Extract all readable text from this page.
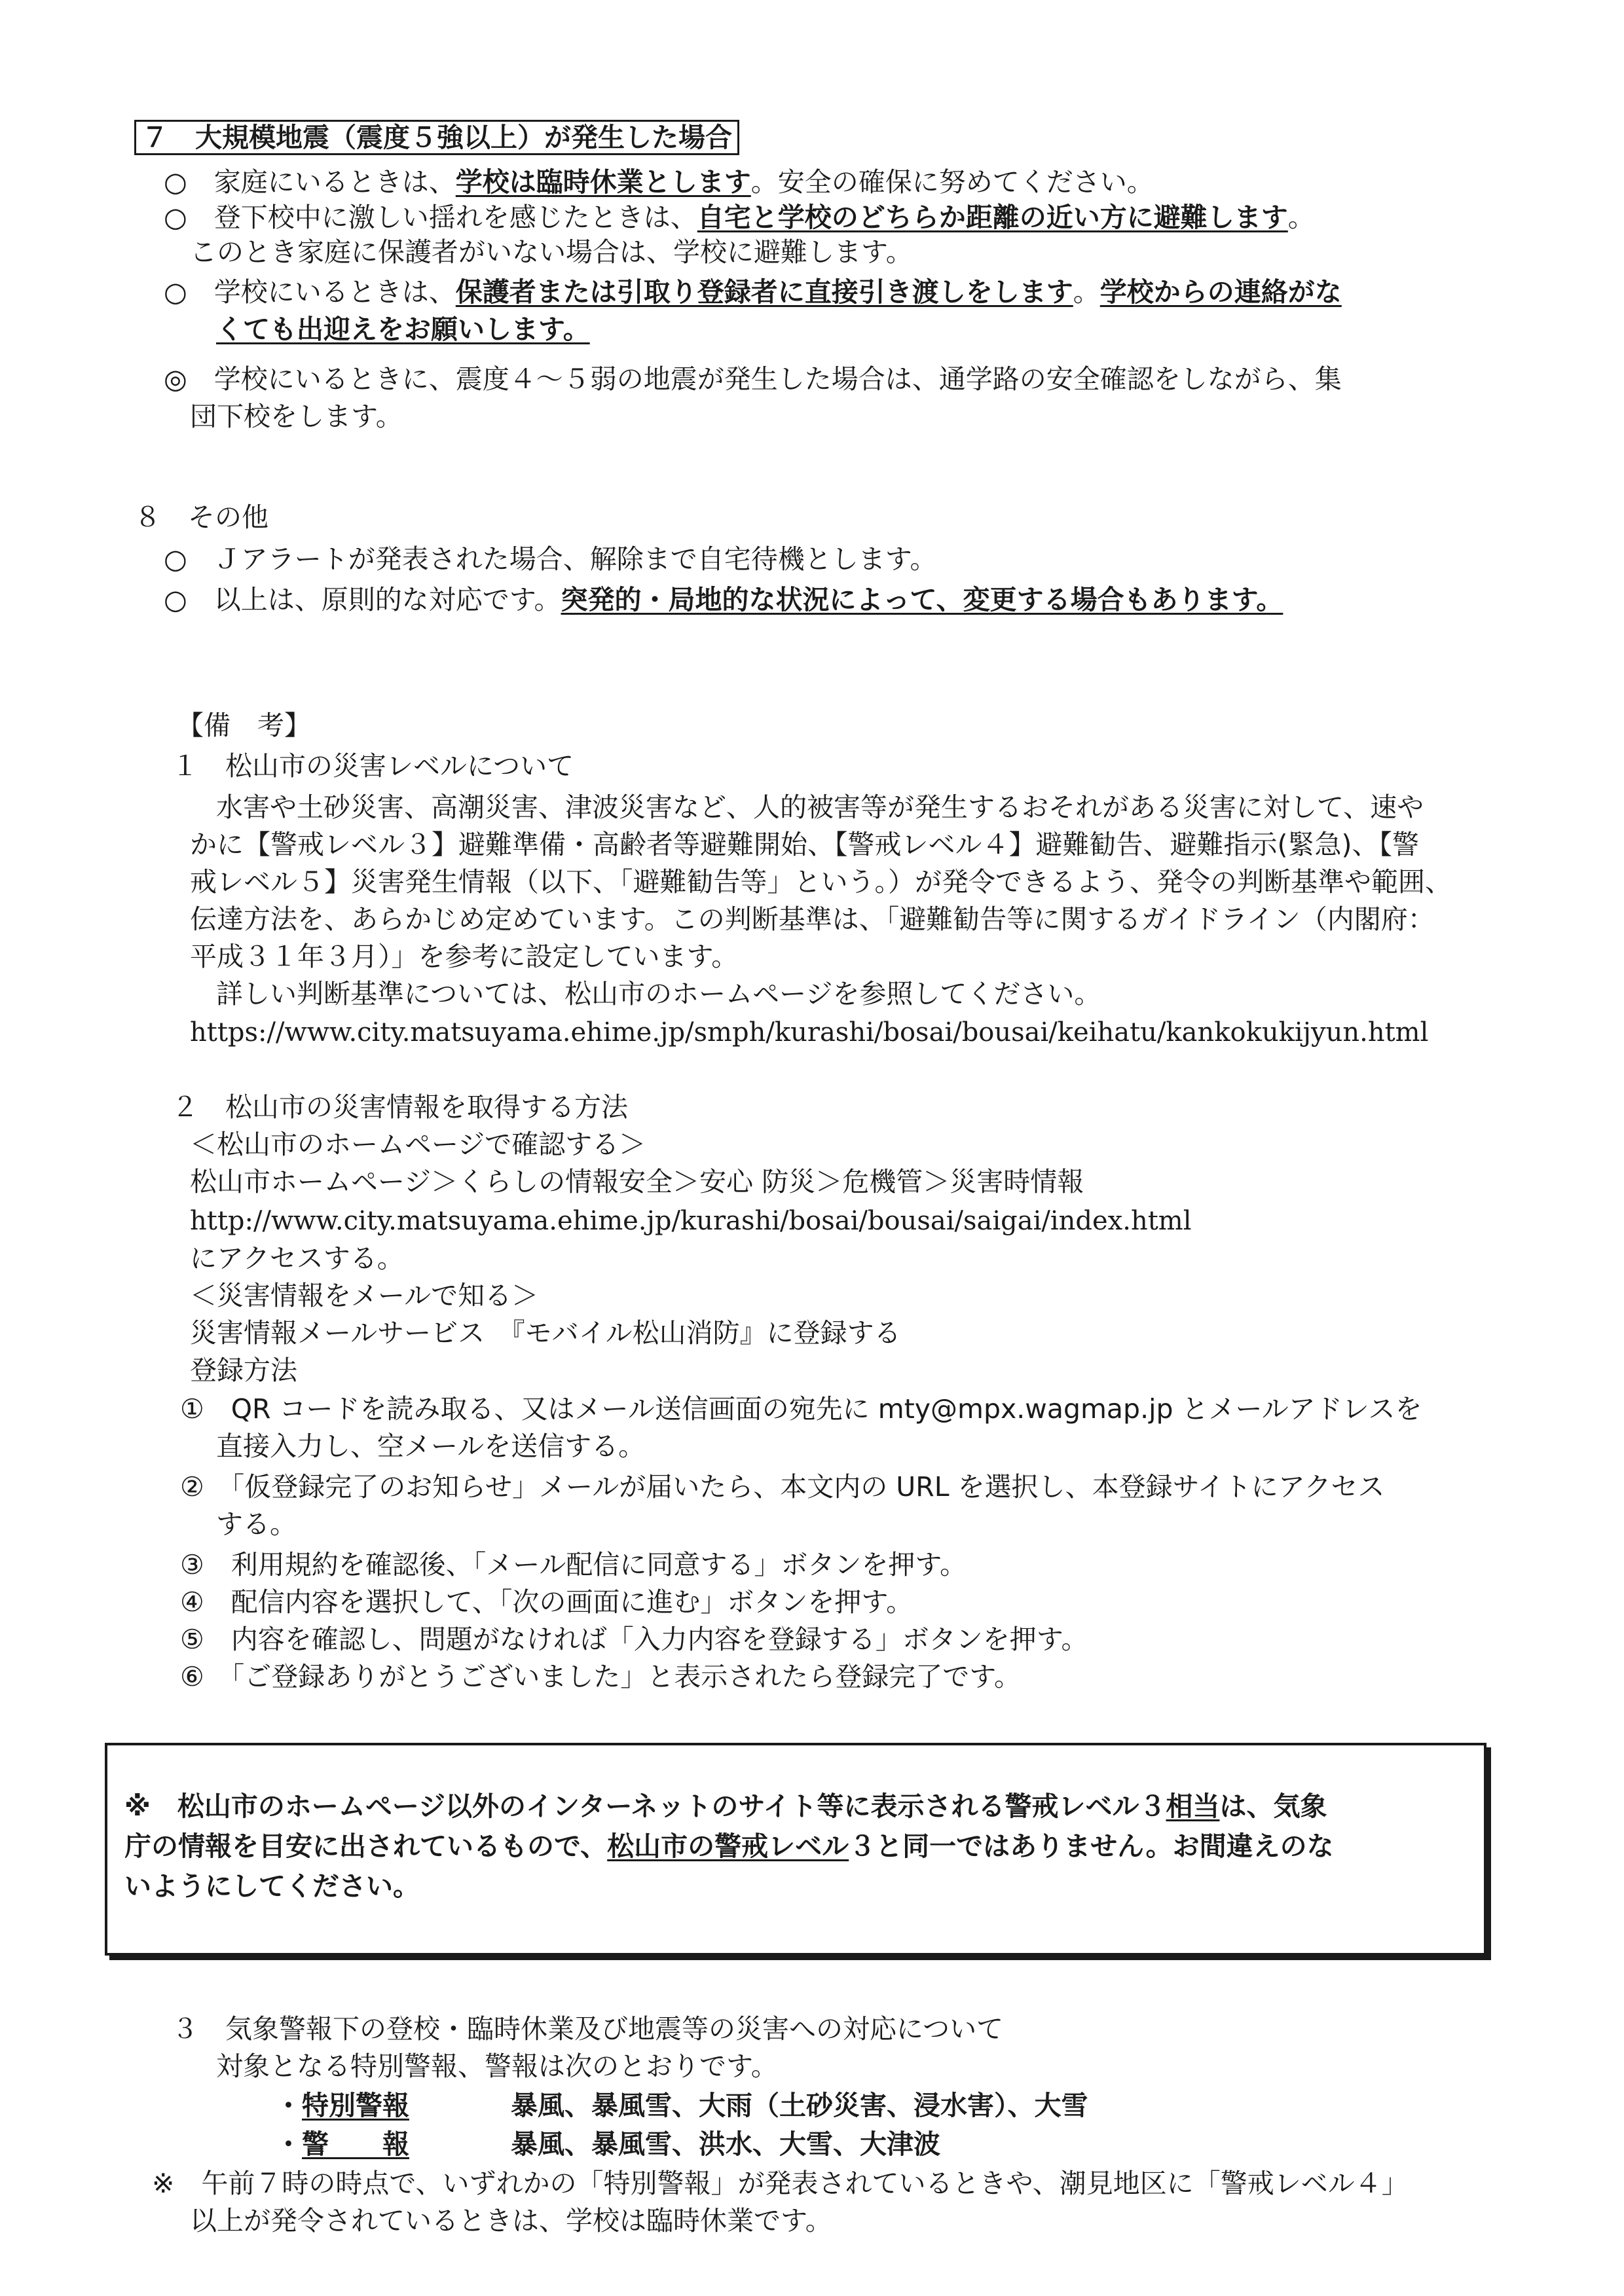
７　大規模地震（震度５強以上）が発生した場合
○　家庭にいるときは、学校は臨時休業とします。安全の確保に努めてください。
○　登下校中に激しい揺れを感じたときは、自宅と学校のどちらか距離の近い方に避難します。
このとき家庭に保護者がいない場合は、学校に避難します。
○　学校にいるときは、保護者または引取り登録者に直接引き渡しをします。学校からの連絡がな
くても出迎えをお願いします。
◎　学校にいるときに、震度４～５弱の地震が発生した場合は、通学路の安全確認をしながら、集
団下校をします。
８　その他
○　Ｊアラートが発表された場合、解除まで自宅待機とします。
○　以上は、原則的な対応です。突発的・局地的な状況によって、変更する場合もあります。
【備　考】
１　松山市の災害レベルについて
水害や土砂災害、高潮災害、津波災害など、人的被害等が発生するおそれがある災害に対して、速や
かに【警戒レベル３】避難準備・高齢者等避難開始、【警戒レベル４】避難勧告、避難指示(緊急)、【警
戒レベル５】災害発生情報（以下、「避難勧告等」という。）が発令できるよう、発令の判断基準や範囲、
伝達方法を、あらかじめ定めています。この判断基準は、「避難勧告等に関するガイドライン（内閣府：
平成３１年３月）」を参考に設定しています。
詳しい判断基準については、松山市のホームページを参照してください。
https://www.city.matsuyama.ehime.jp/smph/kurashi/bosai/bousai/keihatu/kankokukijyun.html
２　松山市の災害情報を取得する方法
＜松山市のホームページで確認する＞
松山市ホームページ＞くらしの情報安全＞安心 防災＞危機管＞災害時情報
http://www.city.matsuyama.ehime.jp/kurashi/bosai/bousai/saigai/index.html
にアクセスする。
＜災害情報をメールで知る＞
災害情報メールサービス　『モバイル松山消防』に登録する
登録方法
①　QR コードを読み取る、又はメール送信画面の宛先に mty@mpx.wagmap.jp とメールアドレスを
直接入力し、空メールを送信する。
②　「仮登録完了のお知らせ」メールが届いたら、本文内の URL を選択し、本登録サイトにアクセス
する。
③　利用規約を確認後、「メール配信に同意する」ボタンを押す。
④　配信内容を選択して、「次の画面に進む」ボタンを押す。
⑤　内容を確認し、問題がなければ「入力内容を登録する」ボタンを押す。
⑥　「ご登録ありがとうございました」と表示されたら登録完了です。
※　松山市のホームページ以外のインターネットのサイト等に表示される警戒レベル３相当は、気象
庁の情報を目安に出されているもので、松山市の警戒レベル３と同一ではありません。お間違えのな
いようにしてください。
３　気象警報下の登校・臨時休業及び地震等の災害への対応について
対象となる特別警報、警報は次のとおりです。
・特別警報	暴風、暴風雪、大雨（土砂災害、浸水害）、大雪
・警　　報	暴風、暴風雪、洪水、大雪、大津波
※　午前７時の時点で、いずれかの「特別警報」が発表されているときや、潮見地区に「警戒レベル４」
以上が発令されているときは、学校は臨時休業です。
